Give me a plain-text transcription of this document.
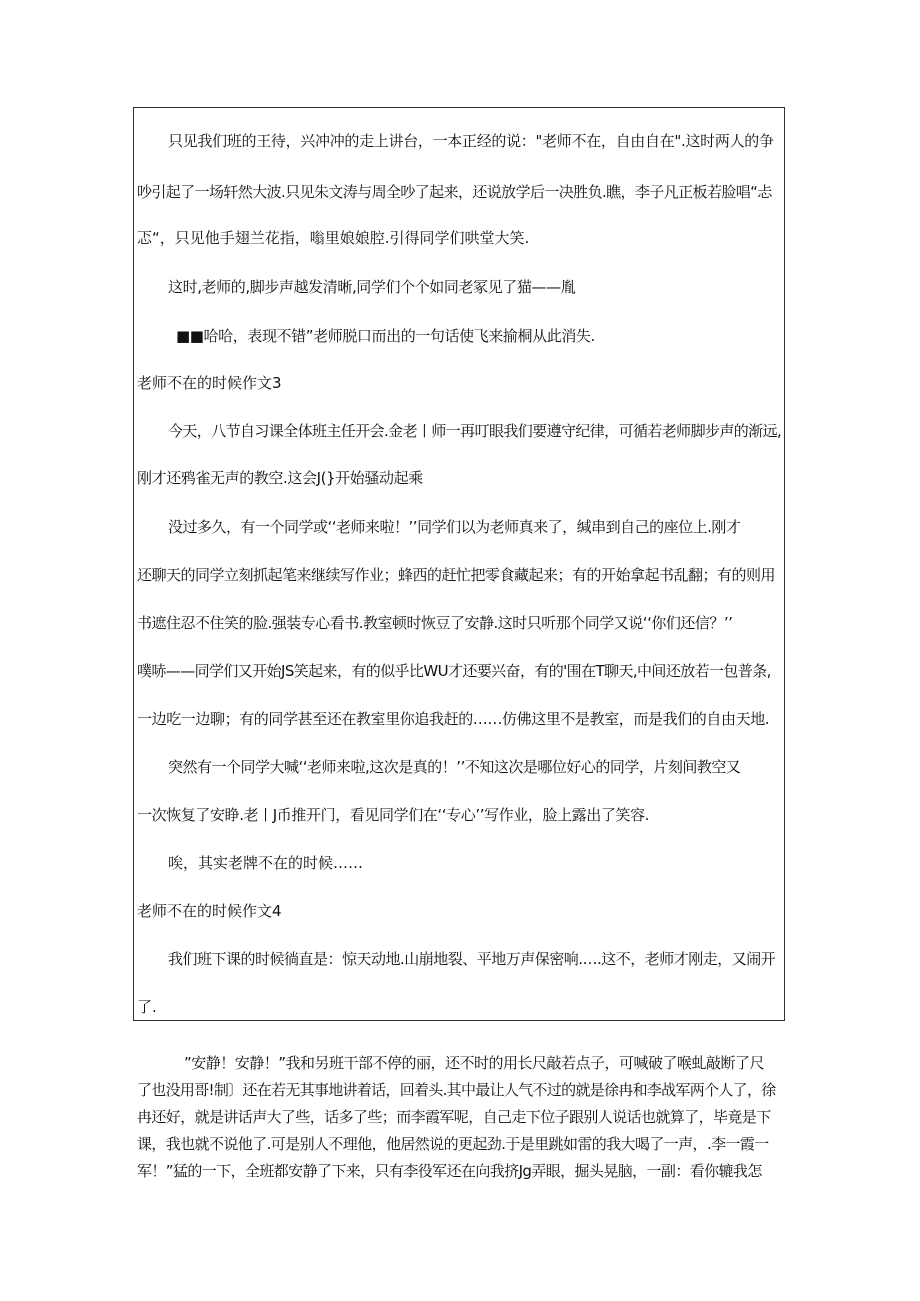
只见我们班的王待，兴冲冲的走上讲台，一本正经的说："老师不在，自由自在".这时两人的争
吵引起了一场轩然大波.只见朱文涛与周全吵了起来，还说放学后一决胜负.瞧，李子凡正板若脸唱“忐
忑“，只见他手翅兰花指，嗡里娘娘腔.引得同学们哄堂大笑.
这时,老师的,脚步声越发清晰,同学们个个如同老冢见了猫——胤
■■哈哈，表现不错”老师脱口而出的一句话使飞来揄桐从此消失.
老师不在的时候作文3
今天，八节自习课全体班主任开会.金老丨师一再叮眼我们要遵守纪律，可循若老师脚步声的渐远,
刚才还鸦雀无声的教空.这会J(}开始骚动起乘
没过多久，有一个同学或‘‘老师来啦！’’同学们以为老师真来了，缄串到自己的座位上.刚才
还聊天的同学立刻抓起笔来继续写作业；蜂西的赶忙把零食藏起来；有的开始拿起书乱翻；有的则用
书遮住忍不住笑的脸.强装专心看书.教室顿时恢豆了安静.这时只听那个同学又说‘‘你们还信？’’
噗哧——同学们又开始JS笑起来，有的似乎比WU才还要兴奋，有的'围在T聊天,中间还放若一包普条,
一边吃一边聊；有的同学甚至还在教室里你追我赶的……仿佛这里不是教室，而是我们的自由天地.
突然有一个同学大喊‘‘老师来啦,这次是真的！’’不知这次是哪位好心的同学，片刻间教空又
一次恢复了安睁.老丨J币推开门，看见同学们在‘‘专心’’写作业，脸上露出了笑容.
唉，其实老牌不在的时候……
老师不在的时候作文4
我们班下课的时候徜直是：惊天动地.山崩地裂、平地万声保密响.….这不，老师才刚走，又闹开
了.
”安静！安静！”我和另班干部不停的丽，还不时的用长尺敲若点子，可喊破了喉虬敲断了尺
了也没用哥!制〕还在若无其事地讲着话，回着头.其中最让人气不过的就是徐冉和李战军两个人了，徐
冉还好，就是讲话声大了些，话多了些；而李霞军呢，自己走下位子跟别人说话也就算了，毕竟是下
课，我也就不说他了.可是别人不理他，他居然说的更起劲.于是里跳如雷的我大喝了一声，.李一霞一
军！”猛的一下，全班都安静了下来，只有李役军还在向我挤Jg弄眼，掘头晃脑，一副：看你辘我怎
